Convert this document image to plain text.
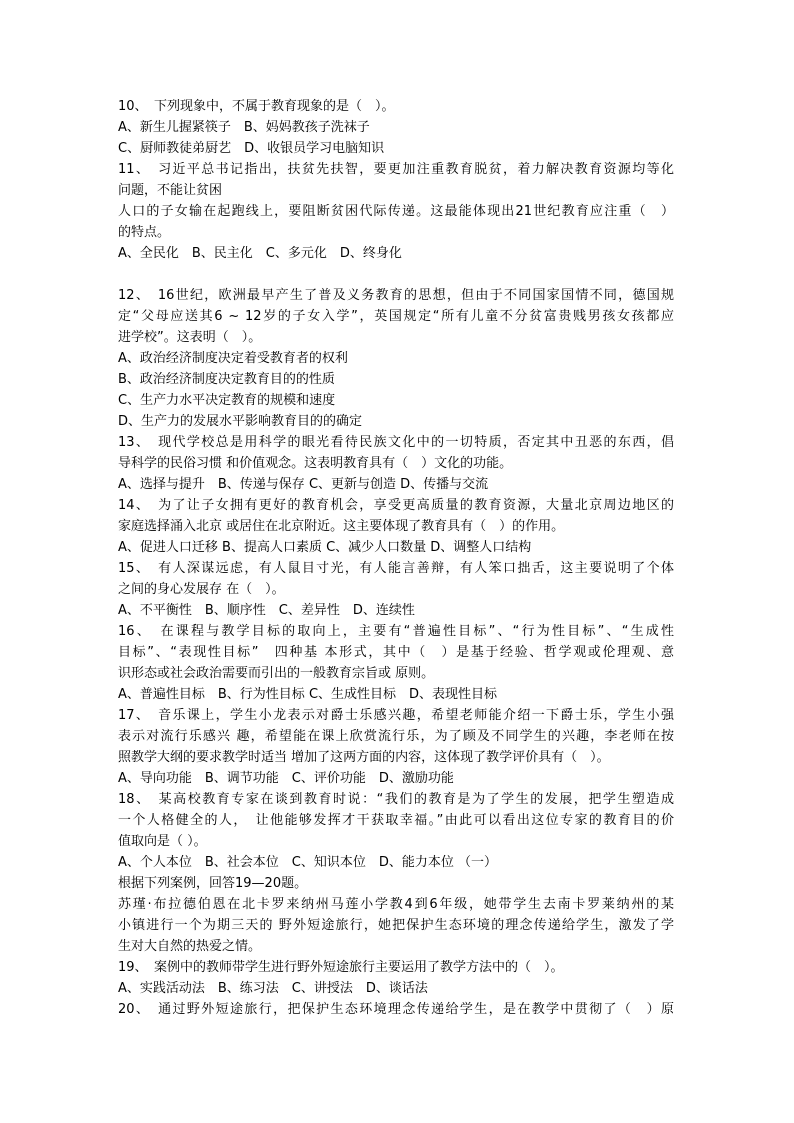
10、　下列现象中，不属于教育现象的是（　）。
A、新生儿握紧筷子　B、妈妈教孩子洗袜子
C、厨师教徒弟厨艺　D、收银员学习电脑知识
11、　习近平总书记指出，扶贫先扶智，要更加注重教育脱贫，着力解决教育资源均等化
问题，不能让贫困
人口的子女输在起跑线上，要阻断贫困代际传递。这最能体现出21世纪教育应注重（　）
的特点。
A、全民化　B、民主化　C、多元化　D、终身化
12、　16世纪，欧洲最早产生了普及义务教育的思想，但由于不同国家国情不同，德国规
定“父母应送其6 ~ 12岁的子女入学”，英国规定“所有儿童不分贫富贵贱男孩女孩都应
进学校”。这表明（　）。
A、政治经济制度决定着受教育者的权利
B、政治经济制度决定教育目的的性质
C、生产力水平决定教育的规模和速度
D、生产力的发展水平影响教育目的的确定
13、　现代学校总是用科学的眼光看待民族文化中的一切特质，否定其中丑恶的东西，倡
导科学的民俗习惯 和价值观念。这表明教育具有（　）文化的功能。
A、选择与提升　B、传递与保存 C、更新与创造 D、传播与交流
14、　为了让子女拥有更好的教育机会，享受更高质量的教育资源，大量北京周边地区的
家庭选择涌入北京 或居住在北京附近。这主要体现了教育具有（　）的作用。
A、促进人口迁移 B、提高人口素质 C、减少人口数量 D、调整人口结构
15、　有人深谋远虑，有人鼠目寸光，有人能言善辩，有人笨口拙舌，这主要说明了个体
之间的身心发展存 在（　）。
A、不平衡性　B、顺序性　C、差异性　D、连续性
16、　在课程与教学目标的取向上，主要有“普遍性目标”、“行为性目标”、“生成性
目标”、“表现性目标”　四种基 本形式，其中（　）是基于经验、哲学观或伦理观、意
识形态或社会政治需要而引出的一般教育宗旨或 原则。
A、普遍性目标　B、行为性目标 C、生成性目标　D、表现性目标
17、　音乐课上，学生小龙表示对爵士乐感兴趣，希望老师能介绍一下爵士乐，学生小强
表示对流行乐感兴 趣，希望能在课上欣赏流行乐，为了顾及不同学生的兴趣，李老师在按
照教学大纲的要求教学时适当 增加了这两方面的内容，这体现了教学评价具有（　）。
A、导向功能　B、调节功能　C、评价功能　D、激励功能
18、　某高校教育专家在谈到教育时说：“我们的教育是为了学生的发展，把学生塑造成
一个人格健全的人，　让他能够发挥才干获取幸福。”由此可以看出这位专家的教育目的价
值取向是（ ）。
A、个人本位　B、社会本位　C、知识本位　D、能力本位 （一）
根据下列案例，回答19—20题。
苏瑾·布拉德伯恩在北卡罗来纳州马莲小学教4到6年级，她带学生去南卡罗莱纳州的某
小镇进行一个为期三天的 野外短途旅行，她把保护生态环境的理念传递给学生，激发了学
生对大自然的热爱之情。
19、　案例中的教师带学生进行野外短途旅行主要运用了教学方法中的（　）。
A、实践活动法　B、练习法　C、讲授法　D、谈话法
20、　通过野外短途旅行，把保护生态环境理念传递给学生，是在教学中贯彻了（　）原
